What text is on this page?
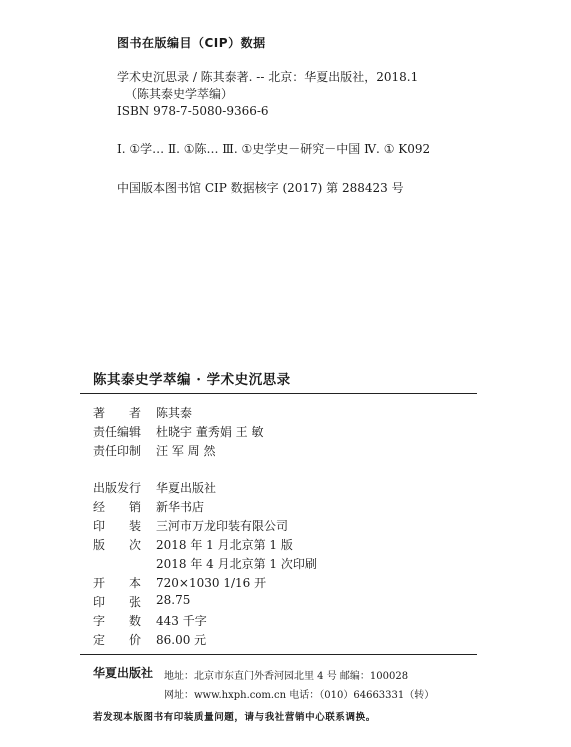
图书在版编目（CIP）数据
学术史沉思录 / 陈其泰著. -- 北京：华夏出版社，2018.1
（陈其泰史学萃编）
ISBN 978-7-5080-9366-6
Ⅰ. ①学… Ⅱ. ①陈… Ⅲ. ①史学史－研究－中国 Ⅳ. ① K092
中国版本图书馆 CIP 数据核字 (2017) 第 288423 号
陈其泰史学萃编 · 学术史沉思录
著　　者 陈其泰
责任编辑 杜晓宇 董秀娟 王 敏
责任印制 汪 军 周 然
出版发行 华夏出版社
经　　销 新华书店
印　　装 三河市万龙印装有限公司
版　　次 2018 年 1 月北京第 1 版
2018 年 4 月北京第 1 次印刷
开　　本 720×1030 1/16 开
印　　张 28.75
字　　数 443 千字
定　　价 86.00 元
华夏出版社 地址：北京市东直门外香河园北里 4 号 邮编：100028
网址：www.hxph.com.cn 电话：（010）64663331（转）
若发现本版图书有印装质量问题，请与我社营销中心联系调换。
